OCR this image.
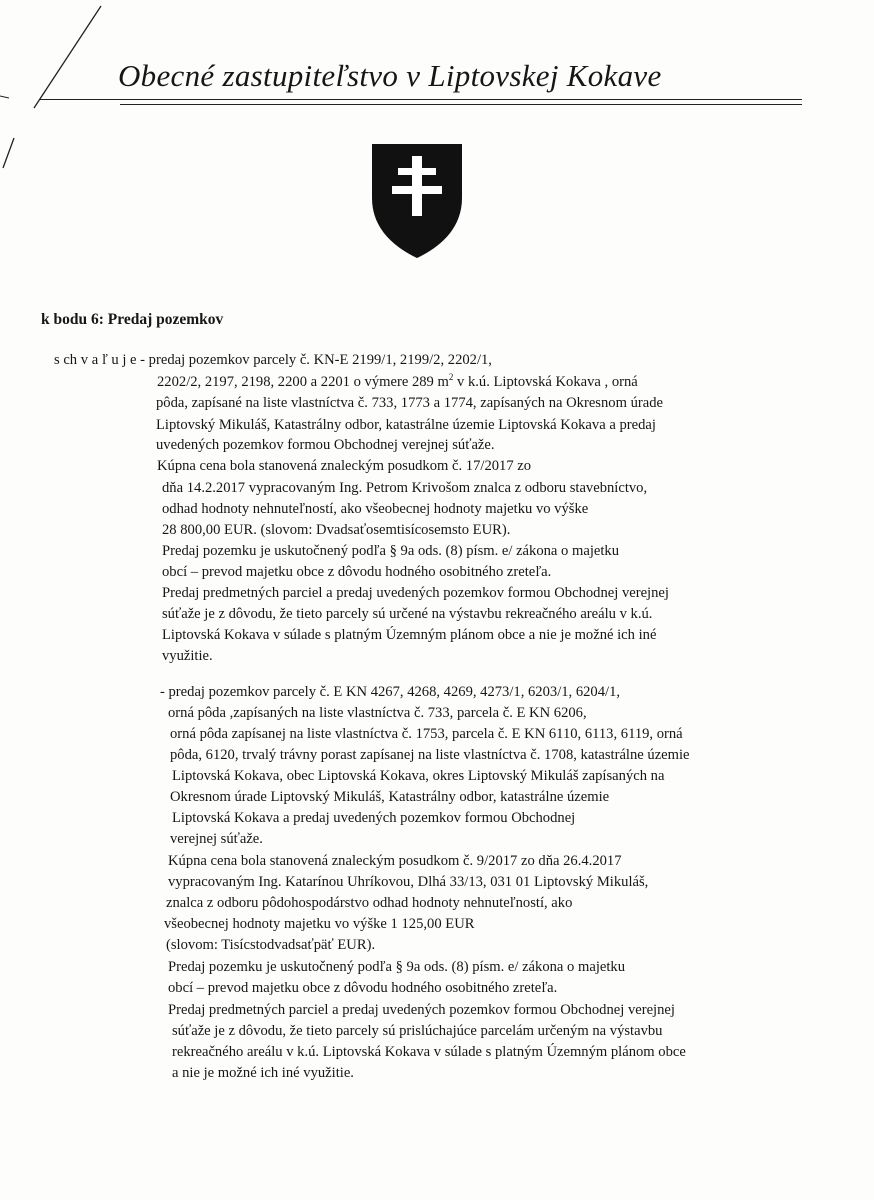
Obecné zastupiteľstvo v Liptovskej Kokave
k bodu 6: Predaj pozemkov
s ch v a ľ u j e - predaj pozemkov parcely č. KN-E 2199/1, 2199/2, 2202/1,
2202/2, 2197, 2198, 2200 a 2201 o výmere 289 $m^2$ v k.ú. Liptovská Kokava , orná
pôda, zapísané na liste vlastníctva č. 733, 1773 a 1774, zapísaných na Okresnom úrade
Liptovský Mikuláš, Katastrálny odbor, katastrálne územie Liptovská Kokava a predaj
uvedených pozemkov formou Obchodnej verejnej súťaže.
Kúpna cena bola stanovená znaleckým posudkom č. 17/2017 zo
dňa 14.2.2017 vypracovaným Ing. Petrom Krivošom znalca z odboru stavebníctvo,
odhad hodnoty nehnuteľností, ako všeobecnej hodnoty majetku vo výške
28 800,00 EUR. (slovom: Dvadsaťosemtisícosemsto EUR).
Predaj pozemku je uskutočnený podľa § 9a ods. (8) písm. e/ zákona o majetku
obcí – prevod majetku obce z dôvodu hodného osobitného zreteľa.
Predaj predmetných parciel a predaj uvedených pozemkov formou Obchodnej verejnej
súťaže je z dôvodu, že tieto parcely sú určené na výstavbu rekreačného areálu v k.ú.
Liptovská Kokava v súlade s platným Územným plánom obce a nie je možné ich iné
využitie.
- predaj pozemkov parcely č. E KN 4267, 4268, 4269, 4273/1, 6203/1, 6204/1,
orná pôda ,zapísaných na liste vlastníctva č. 733, parcela č. E KN 6206,
orná pôda zapísanej na liste vlastníctva č. 1753, parcela č. E KN 6110, 6113, 6119, orná
pôda, 6120, trvalý trávny porast zapísanej na liste vlastníctva č. 1708, katastrálne územie
Liptovská Kokava, obec Liptovská Kokava, okres Liptovský Mikuláš zapísaných na
Okresnom úrade Liptovský Mikuláš, Katastrálny odbor, katastrálne územie
Liptovská Kokava a predaj uvedených pozemkov formou Obchodnej
verejnej súťaže.
Kúpna cena bola stanovená znaleckým posudkom č. 9/2017 zo dňa 26.4.2017
vypracovaným Ing. Katarínou Uhríkovou, Dlhá 33/13, 031 01 Liptovský Mikuláš,
znalca z odboru pôdohospodárstvo odhad hodnoty nehnuteľností, ako
všeobecnej hodnoty majetku vo výške 1 125,00 EUR
(slovom: Tisícstodvadsaťpäť EUR).
Predaj pozemku je uskutočnený podľa § 9a ods. (8) písm. e/ zákona o majetku
obcí – prevod majetku obce z dôvodu hodného osobitného zreteľa.
Predaj predmetných parciel a predaj uvedených pozemkov formou Obchodnej verejnej
súťaže je z dôvodu, že tieto parcely sú prislúchajúce parcelám určeným na výstavbu
rekreačného areálu v k.ú. Liptovská Kokava v súlade s platným Územným plánom obce
a nie je možné ich iné využitie.
